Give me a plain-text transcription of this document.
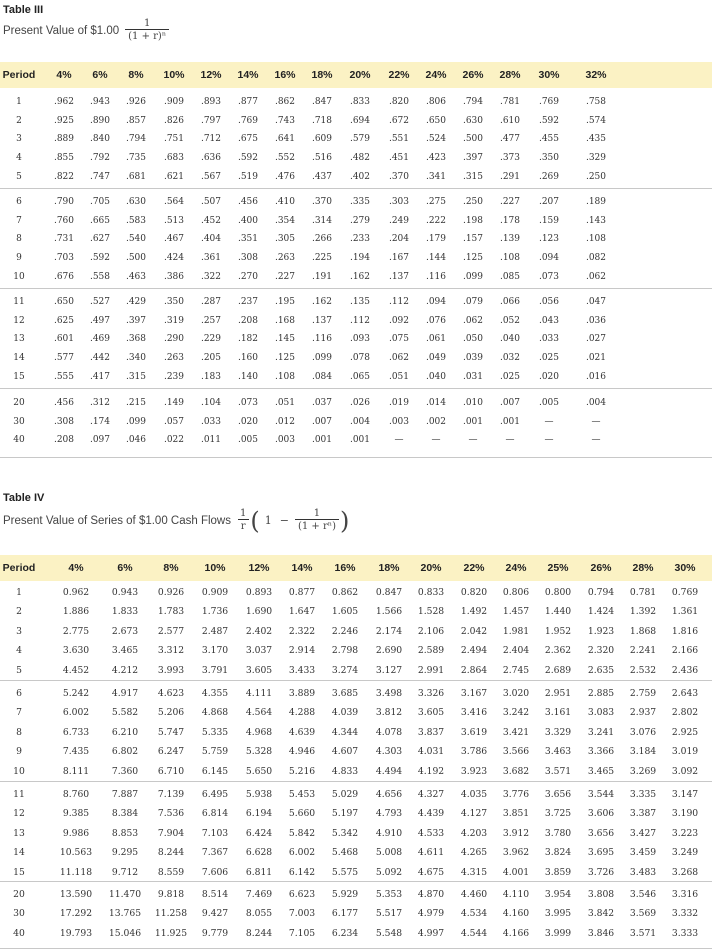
Table III
Present Value of $1.00 $\frac{1}{\text{(1 + r)ⁿ}}$
Period	4%	6%	8%	10%	12%	14%	16%	18%	20%	22%	24%	26%	28%	30%	32%
1	.962	.943	.926	.909	.893	.877	.862	.847	.833	.820	.806	.794	.781	.769	.758
2	.925	.890	.857	.826	.797	.769	.743	.718	.694	.672	.650	.630	.610	.592	.574
3	.889	.840	.794	.751	.712	.675	.641	.609	.579	.551	.524	.500	.477	.455	.435
4	.855	.792	.735	.683	.636	.592	.552	.516	.482	.451	.423	.397	.373	.350	.329
5	.822	.747	.681	.621	.567	.519	.476	.437	.402	.370	.341	.315	.291	.269	.250
6	.790	.705	.630	.564	.507	.456	.410	.370	.335	.303	.275	.250	.227	.207	.189
7	.760	.665	.583	.513	.452	.400	.354	.314	.279	.249	.222	.198	.178	.159	.143
8	.731	.627	.540	.467	.404	.351	.305	.266	.233	.204	.179	.157	.139	.123	.108
9	.703	.592	.500	.424	.361	.308	.263	.225	.194	.167	.144	.125	.108	.094	.082
10	.676	.558	.463	.386	.322	.270	.227	.191	.162	.137	.116	.099	.085	.073	.062
11	.650	.527	.429	.350	.287	.237	.195	.162	.135	.112	.094	.079	.066	.056	.047
12	.625	.497	.397	.319	.257	.208	.168	.137	.112	.092	.076	.062	.052	.043	.036
13	.601	.469	.368	.290	.229	.182	.145	.116	.093	.075	.061	.050	.040	.033	.027
14	.577	.442	.340	.263	.205	.160	.125	.099	.078	.062	.049	.039	.032	.025	.021
15	.555	.417	.315	.239	.183	.140	.108	.084	.065	.051	.040	.031	.025	.020	.016
20	.456	.312	.215	.149	.104	.073	.051	.037	.026	.019	.014	.010	.007	.005	.004
30	.308	.174	.099	.057	.033	.020	.012	.007	.004	.003	.002	.001	.001	—	—
40	.208	.097	.046	.022	.011	.005	.003	.001	.001	—	—	—	—	—	—
Table IV
Present Value of Series of $1.00 Cash Flows $\frac{1}{r}$ ( $1 - \frac{1}{\text{(1 + rⁿ)}}$ )
Period	4%	6%	8%	10%	12%	14%	16%	18%	20%	22%	24%	25%	26%	28%	30%
1	0.962	0.943	0.926	0.909	0.893	0.877	0.862	0.847	0.833	0.820	0.806	0.800	0.794	0.781	0.769
2	1.886	1.833	1.783	1.736	1.690	1.647	1.605	1.566	1.528	1.492	1.457	1.440	1.424	1.392	1.361
3	2.775	2.673	2.577	2.487	2.402	2.322	2.246	2.174	2.106	2.042	1.981	1.952	1.923	1.868	1.816
4	3.630	3.465	3.312	3.170	3.037	2.914	2.798	2.690	2.589	2.494	2.404	2.362	2.320	2.241	2.166
5	4.452	4.212	3.993	3.791	3.605	3.433	3.274	3.127	2.991	2.864	2.745	2.689	2.635	2.532	2.436
6	5.242	4.917	4.623	4.355	4.111	3.889	3.685	3.498	3.326	3.167	3.020	2.951	2.885	2.759	2.643
7	6.002	5.582	5.206	4.868	4.564	4.288	4.039	3.812	3.605	3.416	3.242	3.161	3.083	2.937	2.802
8	6.733	6.210	5.747	5.335	4.968	4.639	4.344	4.078	3.837	3.619	3.421	3.329	3.241	3.076	2.925
9	7.435	6.802	6.247	5.759	5.328	4.946	4.607	4.303	4.031	3.786	3.566	3.463	3.366	3.184	3.019
10	8.111	7.360	6.710	6.145	5.650	5.216	4.833	4.494	4.192	3.923	3.682	3.571	3.465	3.269	3.092
11	8.760	7.887	7.139	6.495	5.938	5.453	5.029	4.656	4.327	4.035	3.776	3.656	3.544	3.335	3.147
12	9.385	8.384	7.536	6.814	6.194	5.660	5.197	4.793	4.439	4.127	3.851	3.725	3.606	3.387	3.190
13	9.986	8.853	7.904	7.103	6.424	5.842	5.342	4.910	4.533	4.203	3.912	3.780	3.656	3.427	3.223
14	10.563	9.295	8.244	7.367	6.628	6.002	5.468	5.008	4.611	4.265	3.962	3.824	3.695	3.459	3.249
15	11.118	9.712	8.559	7.606	6.811	6.142	5.575	5.092	4.675	4.315	4.001	3.859	3.726	3.483	3.268
20	13.590	11.470	9.818	8.514	7.469	6.623	5.929	5.353	4.870	4.460	4.110	3.954	3.808	3.546	3.316
30	17.292	13.765	11.258	9.427	8.055	7.003	6.177	5.517	4.979	4.534	4.160	3.995	3.842	3.569	3.332
40	19.793	15.046	11.925	9.779	8.244	7.105	6.234	5.548	4.997	4.544	4.166	3.999	3.846	3.571	3.333
